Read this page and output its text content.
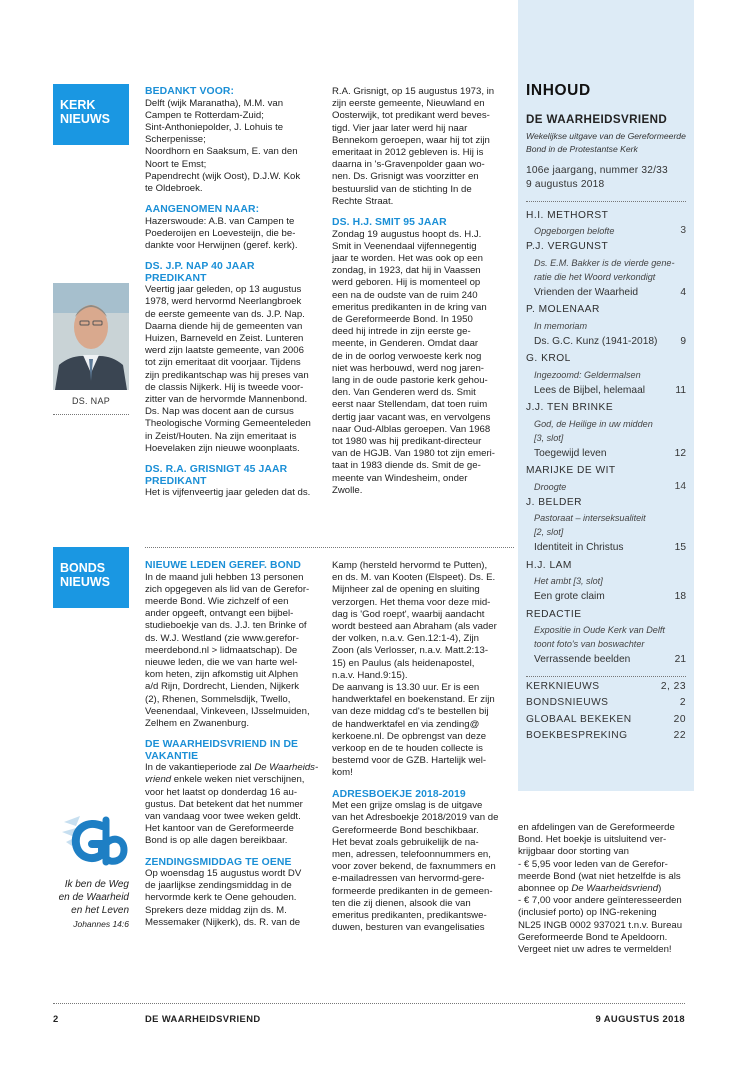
INHOUD
DE WAARHEIDSVRIEND
Wekelijkse uitgave van de Gereformeerde
Bond in de Protestantse Kerk
106e jaargang, nummer 32/33
9 augustus 2018
H.I. METHORST
Opgeborgen belofte	3
P.J. VERGUNST
Ds. E.M. Bakker is de vierde gene-
ratie die het Woord verkondigt
Vrienden der Waarheid	4
P. MOLENAAR
In memoriam
Ds. G.C. Kunz (1941-2018) 9
G. KROL
Ingezoomd: Geldermalsen
Lees de Bijbel, helemaal	11
J.J. TEN BRINKE
God, de Heilige in uw midden
[3, slot]
Toegewijd leven	12
MARIJKE DE WIT
Droogte	14
J. BELDER
Pastoraat – interseksualiteit
[2, slot]
Identiteit in Christus	15
H.J. LAM
Het ambt [3, slot]
Een grote claim	18
REDACTIE
Expositie in Oude Kerk van Delft
toont foto's van boswachter
Verrassende beelden	21
KERKNIEUWS	2, 23
BONDSNIEUWS	2
GLOBAAL BEKEKEN	20
BOEKBESPREKING	22
KERK NIEUWS
BONDS NIEUWS
DS. NAP
Ik ben de Weg
en de Waarheid
en het Leven
Johannes 14:6
BEDANKT VOOR:
Delft (wijk Maranatha), M.M. van
Campen te Rotterdam-Zuid;
Sint-Anthoniepolder, J. Lohuis te
Scherpenisse;
Noordhorn en Saaksum, E. van den
Noort te Emst;
Papendrecht (wijk Oost), D.J.W. Kok
te Oldebroek.
AANGENOMEN NAAR:
Hazerswoude: A.B. van Campen te
Poederoijen en Loevesteijn, die be-
dankte voor Herwijnen (geref. kerk).
DS. J.P. NAP 40 JAAR PREDIKANT
Veertig jaar geleden, op 13 augustus
1978, werd hervormd Neerlangbroek
de eerste gemeente van ds. J.P. Nap.
Daarna diende hij de gemeenten van
Huizen, Barneveld en Zeist. Lunteren
werd zijn laatste gemeente, van 2006
tot zijn emeritaat dit voorjaar. Tijdens
zijn predikantschap was hij preses van
de classis Nijkerk. Hij is tweede voor-
zitter van de hervormde Mannenbond.
Ds. Nap was docent aan de cursus
Theologische Vorming Gemeenteleden
in Zeist/Houten. Na zijn emeritaat is
Hoevelaken zijn nieuwe woonplaats.
DS. R.A. GRISNIGT 45 JAAR
PREDIKANT
Het is vijfenveertig jaar geleden dat ds.
R.A. Grisnigt, op 15 augustus 1973, in
zijn eerste gemeente, Nieuwland en
Oosterwijk, tot predikant werd beves-
tigd. Vier jaar later werd hij naar
Bennekom geroepen, waar hij tot zijn
emeritaat in 2012 gebleven is. Hij is
daarna in 's-Gravenpolder gaan wo-
nen. Ds. Grisnigt was voorzitter en
bestuurslid van de stichting In de
Rechte Straat.
DS. H.J. SMIT 95 JAAR
Zondag 19 augustus hoopt ds. H.J.
Smit in Veenendaal vijfennegentig
jaar te worden. Het was ook op een
zondag, in 1923, dat hij in Vaassen
werd geboren. Hij is momenteel op
een na de oudste van de ruim 240
emeritus predikanten in de kring van
de Gereformeerde Bond. In 1950
deed hij intrede in zijn eerste ge-
meente, in Genderen. Omdat daar
de in de oorlog verwoeste kerk nog
niet was herbouwd, werd nog jaren-
lang in de oude pastorie kerk gehou-
den. Van Genderen werd ds. Smit
eerst naar Stellendam, dat toen ruim
dertig jaar vacant was, en vervolgens
naar Oud-Alblas geroepen. Van 1968
tot 1980 was hij predikant-directeur
van de HGJB. Van 1980 tot zijn emeri-
taat in 1983 diende ds. Smit de ge-
meente van Windesheim, onder
Zwolle.
NIEUWE LEDEN GEREF. BOND
In de maand juli hebben 13 personen
zich opgegeven als lid van de Gerefor-
meerde Bond. Wie zichzelf of een
ander opgeeft, ontvangt een bijbel-
studieboekje van ds. J.J. ten Brinke of
ds. W.J. Westland (zie www.gerefor-
meerdebond.nl > lidmaatschap). De
nieuwe leden, die we van harte wel-
kom heten, zijn afkomstig uit Alphen
a/d Rijn, Dordrecht, Lienden, Nijkerk
(2), Rhenen, Sommelsdijk, Twello,
Veenendaal, Vinkeveen, IJsselmuiden,
Zelhem en Zwanenburg.
DE WAARHEIDSVRIEND IN DE
VAKANTIE
In de vakantieperiode zal De Waarheids-
vriend enkele weken niet verschijnen,
voor het laatst op donderdag 16 au-
gustus. Dat betekent dat het nummer
van vandaag voor twee weken geldt.
Het kantoor van de Gereformeerde
Bond is op alle dagen bereikbaar.
ZENDINGSMIDDAG TE OENE
Op woensdag 15 augustus wordt DV
de jaarlijkse zendingsmiddag in de
hervormde kerk te Oene gehouden.
Sprekers deze middag zijn ds. M.
Messemaker (Nijkerk), ds. R. van de
Kamp (hersteld hervormd te Putten),
en ds. M. van Kooten (Elspeet). Ds. E.
Mijnheer zal de opening en sluiting
verzorgen. Het thema voor deze mid-
dag is 'God roept', waarbij aandacht
wordt besteed aan Abraham (als vader
der volken, n.a.v. Gen.12:1-4), Zijn
Zoon (als Verlosser, n.a.v. Matt.2:13-
15) en Paulus (als heidenapostel,
n.a.v. Hand.9:15).
De aanvang is 13.30 uur. Er is een
handwerktafel en boekenstand. Er zijn
van deze middag cd's te bestellen bij
de handwerktafel en via zending@
kerkoene.nl. De opbrengst van deze
verkoop en de te houden collecte is
bestemd voor de GZB. Hartelijk wel-
kom!
ADRESBOEKJE 2018-2019
Met een grijze omslag is de uitgave
van het Adresboekje 2018/2019 van de
Gereformeerde Bond beschikbaar.
Het bevat zoals gebruikelijk de na-
men, adressen, telefoonnummers en,
voor zover bekend, de faxnummers en
e-mailadressen van hervormd-gere-
formeerde predikanten in de gemeen-
ten die zij dienen, alsook die van
emeritus predikanten, predikantswe-
duwen, besturen van evangelisaties
en afdelingen van de Gereformeerde
Bond. Het boekje is uitsluitend ver-
krijgbaar door storting van
- € 5,95 voor leden van de Gerefor-
meerde Bond (wat niet hetzelfde is als
abonnee op De Waarheidsvriend)
- € 7,00 voor andere geïnteresseerden
(inclusief porto) op ING-rekening
NL25 INGB 0002 937021 t.n.v. Bureau
Gereformeerde Bond te Apeldoorn.
Vergeet niet uw adres te vermelden!
2	DE WAARHEIDSVRIEND	9 AUGUSTUS 2018
